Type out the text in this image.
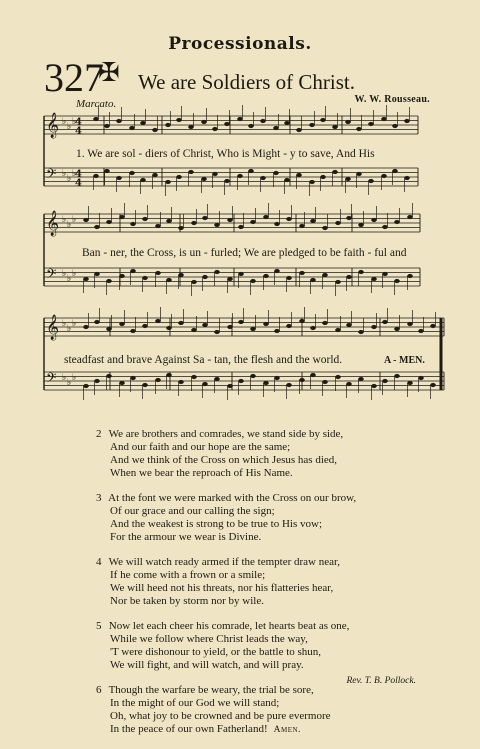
Processionals.
327
✠ We are Soldiers of Christ.
W. W. Rousseau.
Marcato.
𝄞 ♭ ♭ ♭
𝄢 ♭ ♭ ♭
𝄞 ♭ ♭ ♭
𝄢 ♭ ♭ ♭
𝄞 ♭ ♭ ♭
𝄢 ♭ ♭ ♭
4
4
4
4
1. We are sol - diers of Christ, Who is Might - y to save, And His
Ban - ner, the Cross, is un - furled; We are pledged to be faith - ful and
steadfast and brave Against Sa - tan, the flesh and the world.	A - MEN.
2 We are brothers and comrades, we stand side by side,
And our faith and our hope are the same;
And we think of the Cross on which Jesus has died,
When we bear the reproach of His Name.
3 At the font we were marked with the Cross on our brow,
Of our grace and our calling the sign;
And the weakest is strong to be true to His vow;
For the armour we wear is Divine.
4 We will watch ready armed if the tempter draw near,
If he come with a frown or a smile;
We will heed not his threats, nor his flatteries hear,
Nor be taken by storm nor by wile.
5 Now let each cheer his comrade, let hearts beat as one,
While we follow where Christ leads the way,
'T were dishonour to yield, or the battle to shun,
We will fight, and will watch, and will pray.
6 Though the warfare be weary, the trial be sore,
In the might of our God we will stand;
Oh, what joy to be crowned and be pure evermore
In the peace of our own Fatherland! Amen.
Rev. T. B. Pollock.
